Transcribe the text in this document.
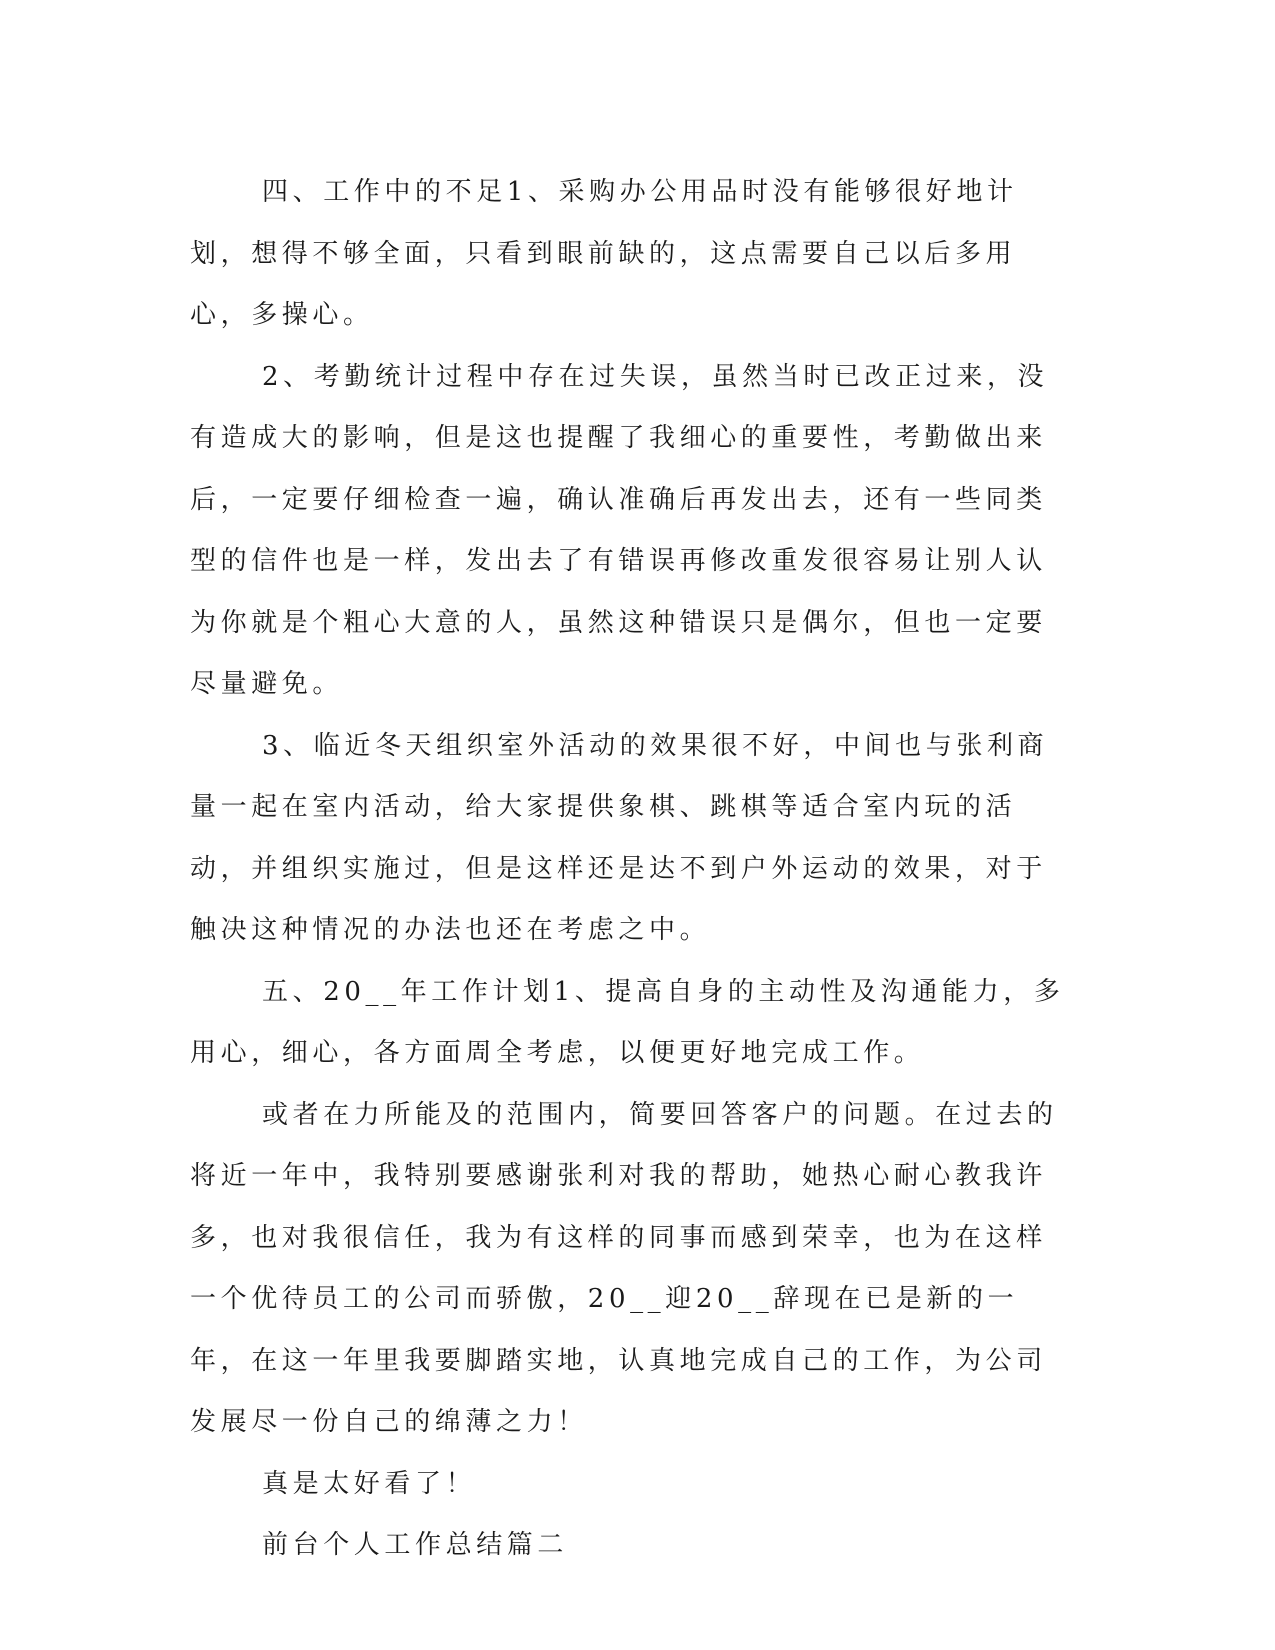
四、工作中的不足1、采购办公用品时没有能够很好地计划，想得不够全面，只看到眼前缺的，这点需要自己以后多用心，多操心。

2、考勤统计过程中存在过失误，虽然当时已改正过来，没有造成大的影响，但是这也提醒了我细心的重要性，考勤做出来后，一定要仔细检查一遍，确认准确后再发出去，还有一些同类型的信件也是一样，发出去了有错误再修改重发很容易让别人认为你就是个粗心大意的人，虽然这种错误只是偶尔，但也一定要尽量避免。

3、临近冬天组织室外活动的效果很不好，中间也与张利商量一起在室内活动，给大家提供象棋、跳棋等适合室内玩的活动，并组织实施过，但是这样还是达不到户外运动的效果，对于触决这种情况的办法也还在考虑之中。

五、20__年工作计划1、提高自身的主动性及沟通能力，多用心，细心，各方面周全考虑，以便更好地完成工作。

或者在力所能及的范围内，简要回答客户的问题。在过去的将近一年中，我特别要感谢张利对我的帮助，她热心耐心教我许多，也对我很信任，我为有这样的同事而感到荣幸，也为在这样一个优待员工的公司而骄傲，20__迎20__辞现在已是新的一年，在这一年里我要脚踏实地，认真地完成自己的工作，为公司发展尽一份自己的绵薄之力！

真是太好看了！

前台个人工作总结篇二
